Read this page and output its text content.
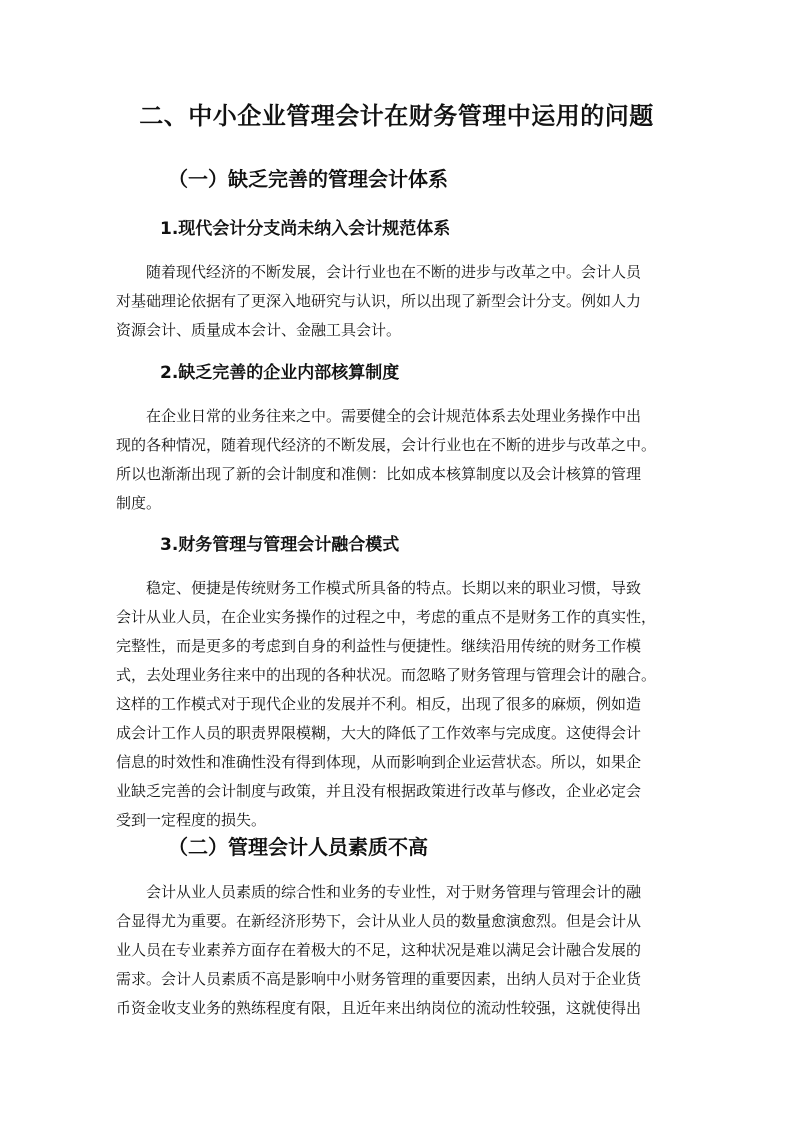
二、中小企业管理会计在财务管理中运用的问题
（一）缺乏完善的管理会计体系
1.现代会计分支尚未纳入会计规范体系
　　随着现代经济的不断发展，会计行业也在不断的进步与改革之中。会计人员
对基础理论依据有了更深入地研究与认识，所以出现了新型会计分支。例如人力
资源会计、质量成本会计、金融工具会计。
2.缺乏完善的企业内部核算制度
　　在企业日常的业务往来之中。需要健全的会计规范体系去处理业务操作中出
现的各种情况，随着现代经济的不断发展，会计行业也在不断的进步与改革之中。
所以也渐渐出现了新的会计制度和准侧：比如成本核算制度以及会计核算的管理
制度。
3.财务管理与管理会计融合模式
　　稳定、便捷是传统财务工作模式所具备的特点。长期以来的职业习惯，导致
会计从业人员，在企业实务操作的过程之中，考虑的重点不是财务工作的真实性，
完整性，而是更多的考虑到自身的利益性与便捷性。继续沿用传统的财务工作模
式，去处理业务往来中的出现的各种状况。而忽略了财务管理与管理会计的融合。
这样的工作模式对于现代企业的发展并不利。相反，出现了很多的麻烦，例如造
成会计工作人员的职责界限模糊，大大的降低了工作效率与完成度。这使得会计
信息的时效性和准确性没有得到体现，从而影响到企业运营状态。所以，如果企
业缺乏完善的会计制度与政策，并且没有根据政策进行改革与修改，企业必定会
受到一定程度的损失。
（二）管理会计人员素质不高
　　会计从业人员素质的综合性和业务的专业性，对于财务管理与管理会计的融
合显得尤为重要。在新经济形势下，会计从业人员的数量愈演愈烈。但是会计从
业人员在专业素养方面存在着极大的不足，这种状况是难以满足会计融合发展的
需求。会计人员素质不高是影响中小财务管理的重要因素，出纳人员对于企业货
币资金收支业务的熟练程度有限，且近年来出纳岗位的流动性较强，这就使得出
